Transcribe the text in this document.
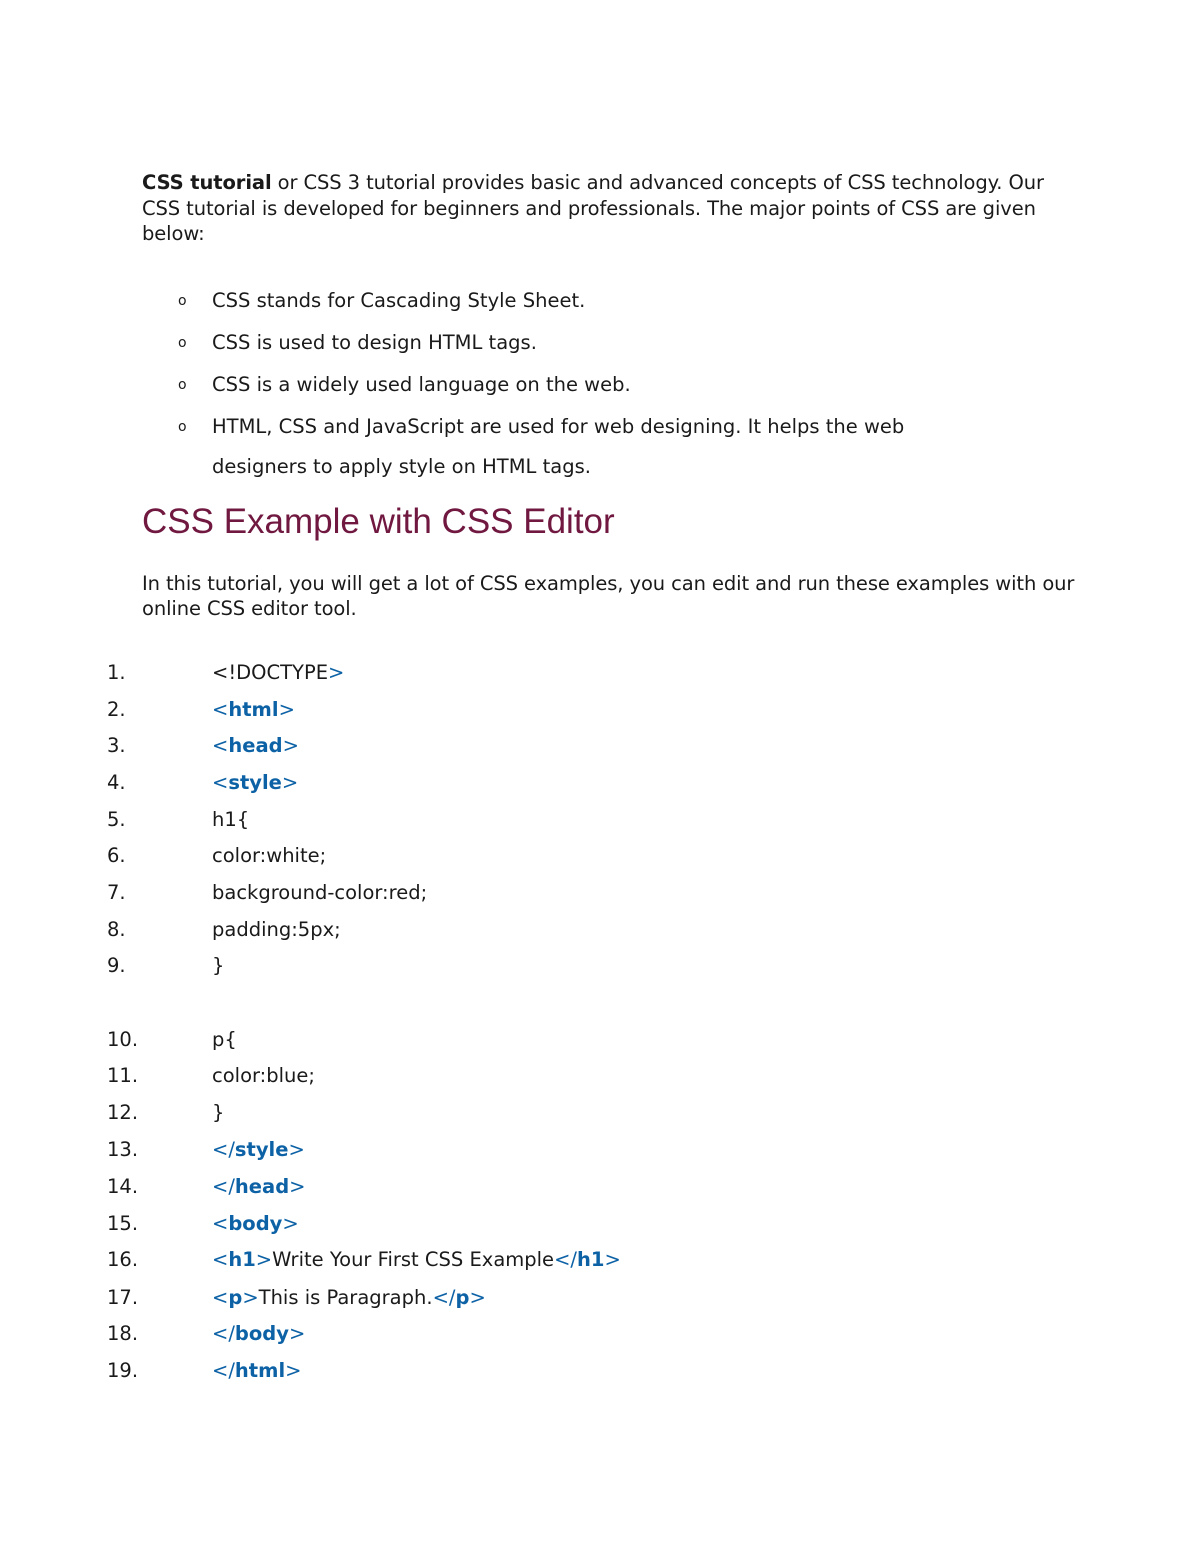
CSS tutorial or CSS 3 tutorial provides basic and advanced concepts of CSS technology. Our CSS tutorial is developed for beginners and professionals. The major points of CSS are given below:
o CSS stands for Cascading Style Sheet.
o CSS is used to design HTML tags.
o CSS is a widely used language on the web.
o HTML, CSS and JavaScript are used for web designing. It helps the web designers to apply style on HTML tags.
CSS Example with CSS Editor
In this tutorial, you will get a lot of CSS examples, you can edit and run these examples with our online CSS editor tool.
1.	<!DOCTYPE>
2.	<html>
3.	<head>
4.	<style>
5.	h1{
6.	color:white;
7.	background-color:red;
8.	padding:5px;
9.	}
10.	p{
11.	color:blue;
12.	}
13.	</style>
14.	</head>
15.	<body>
16.	<h1>Write Your First CSS Example</h1>
17.	<p>This is Paragraph.</p>
18.	</body>
19.	</html>
